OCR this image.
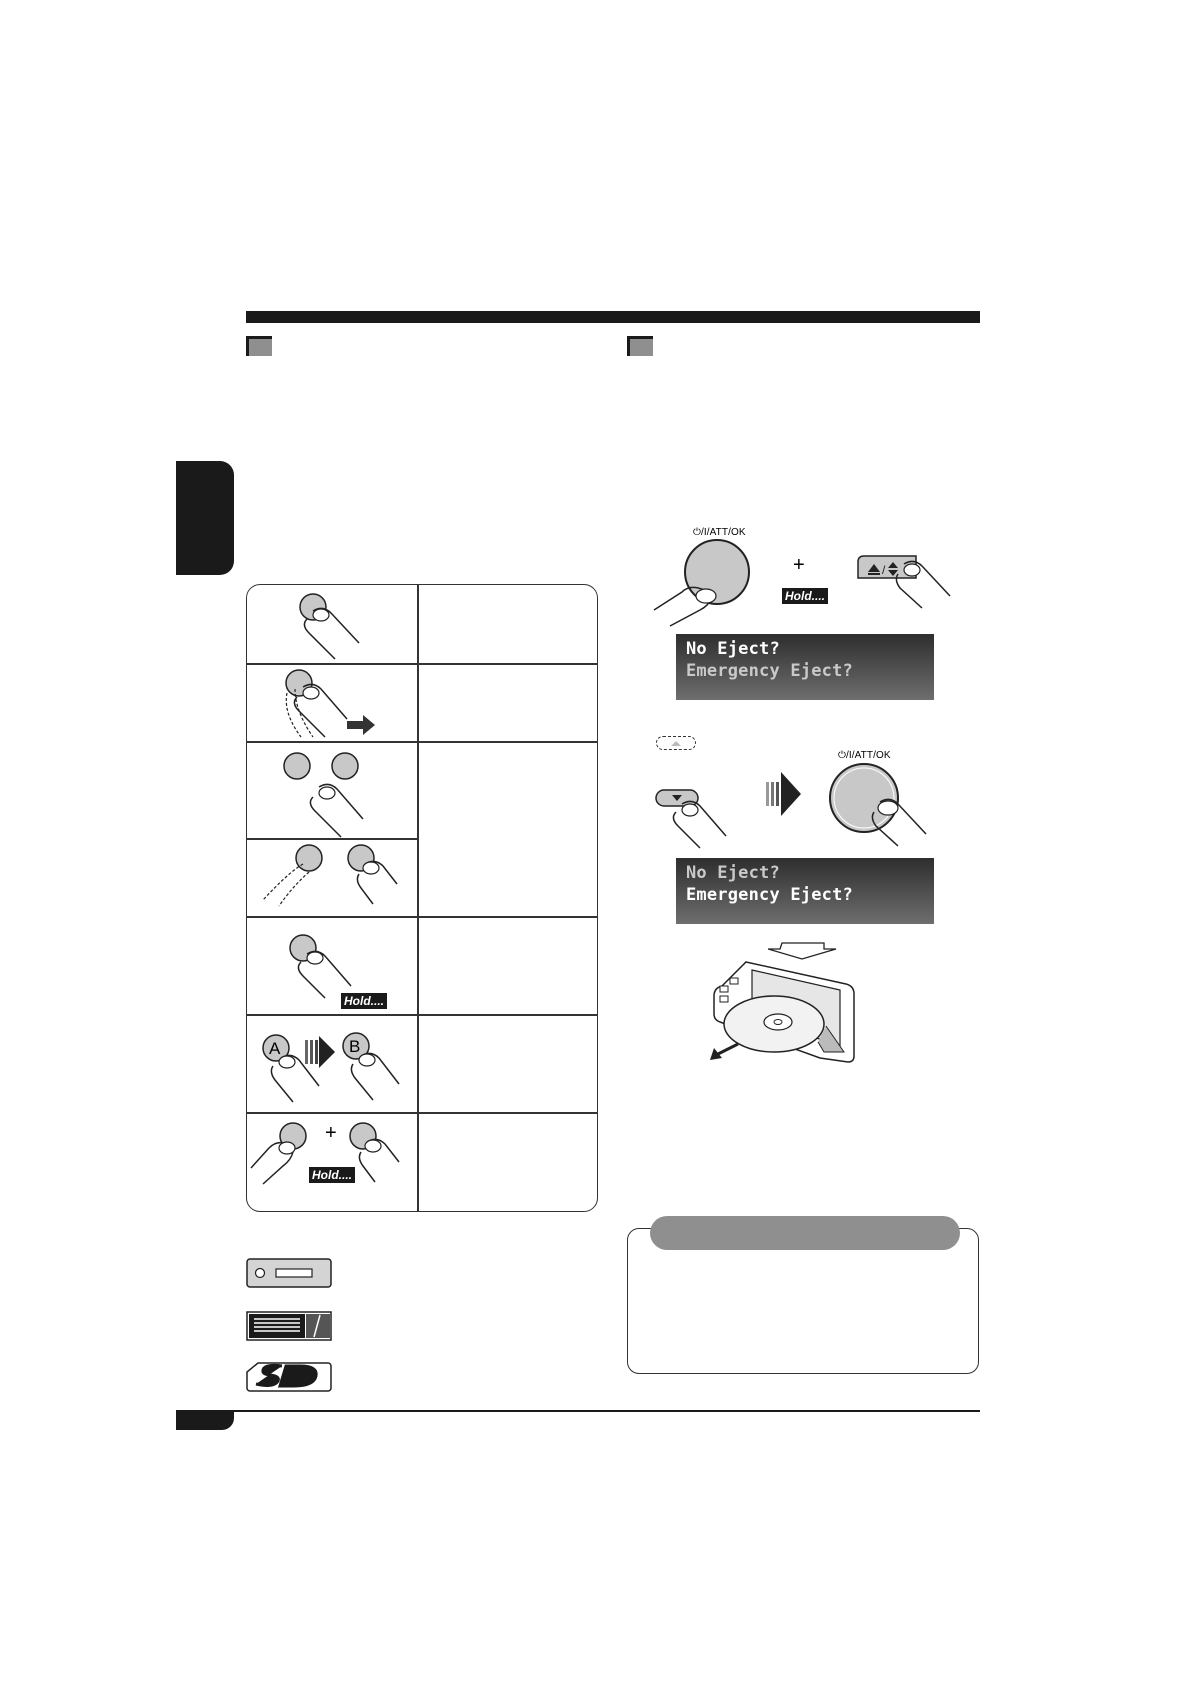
Hold....
A	B
+
Hold....
⏻/I/ATT/OK
+
Hold....
/
No Eject?
Emergency Eject?
⏻/I/ATT/OK
No Eject?
Emergency Eject?
